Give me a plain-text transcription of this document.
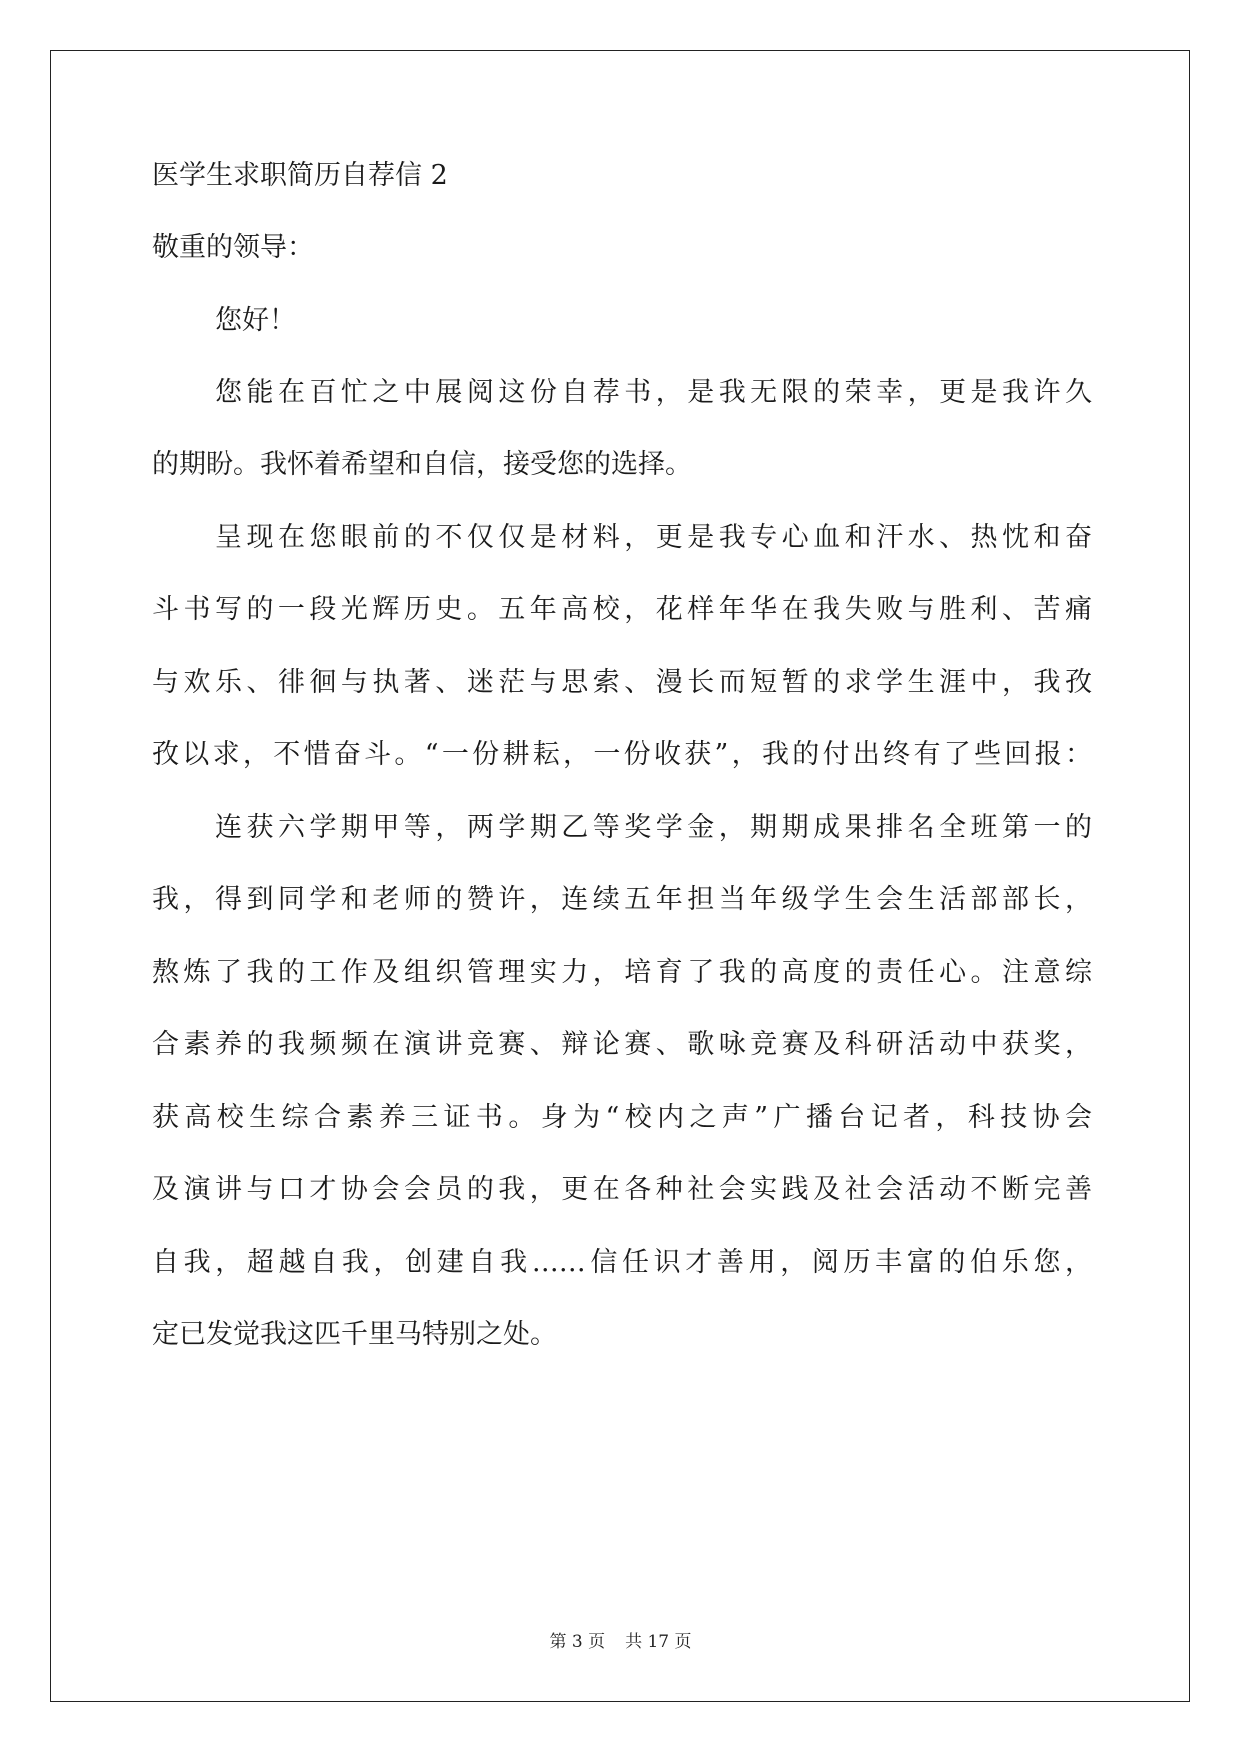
医学生求职简历自荐信 2
敬重的领导：
您好！
您能在百忙之中展阅这份自荐书，是我无限的荣幸，更是我许久
的期盼。我怀着希望和自信，接受您的选择。
呈现在您眼前的不仅仅是材料，更是我专心血和汗水、热忱和奋
斗书写的一段光辉历史。五年高校，花样年华在我失败与胜利、苦痛
与欢乐、徘徊与执著、迷茫与思索、漫长而短暂的求学生涯中，我孜
孜以求，不惜奋斗。“一份耕耘，一份收获”，我的付出终有了些回报：
连获六学期甲等，两学期乙等奖学金，期期成果排名全班第一的
我，得到同学和老师的赞许，连续五年担当年级学生会生活部部长，
熬炼了我的工作及组织管理实力，培育了我的高度的责任心。注意综
合素养的我频频在演讲竞赛、辩论赛、歌咏竞赛及科研活动中获奖，
获高校生综合素养三证书。身为“校内之声”广播台记者，科技协会
及演讲与口才协会会员的我，更在各种社会实践及社会活动不断完善
自我，超越自我，创建自我……信任识才善用，阅历丰富的伯乐您，
定已发觉我这匹千里马特别之处。
第 3 页 共 17 页
